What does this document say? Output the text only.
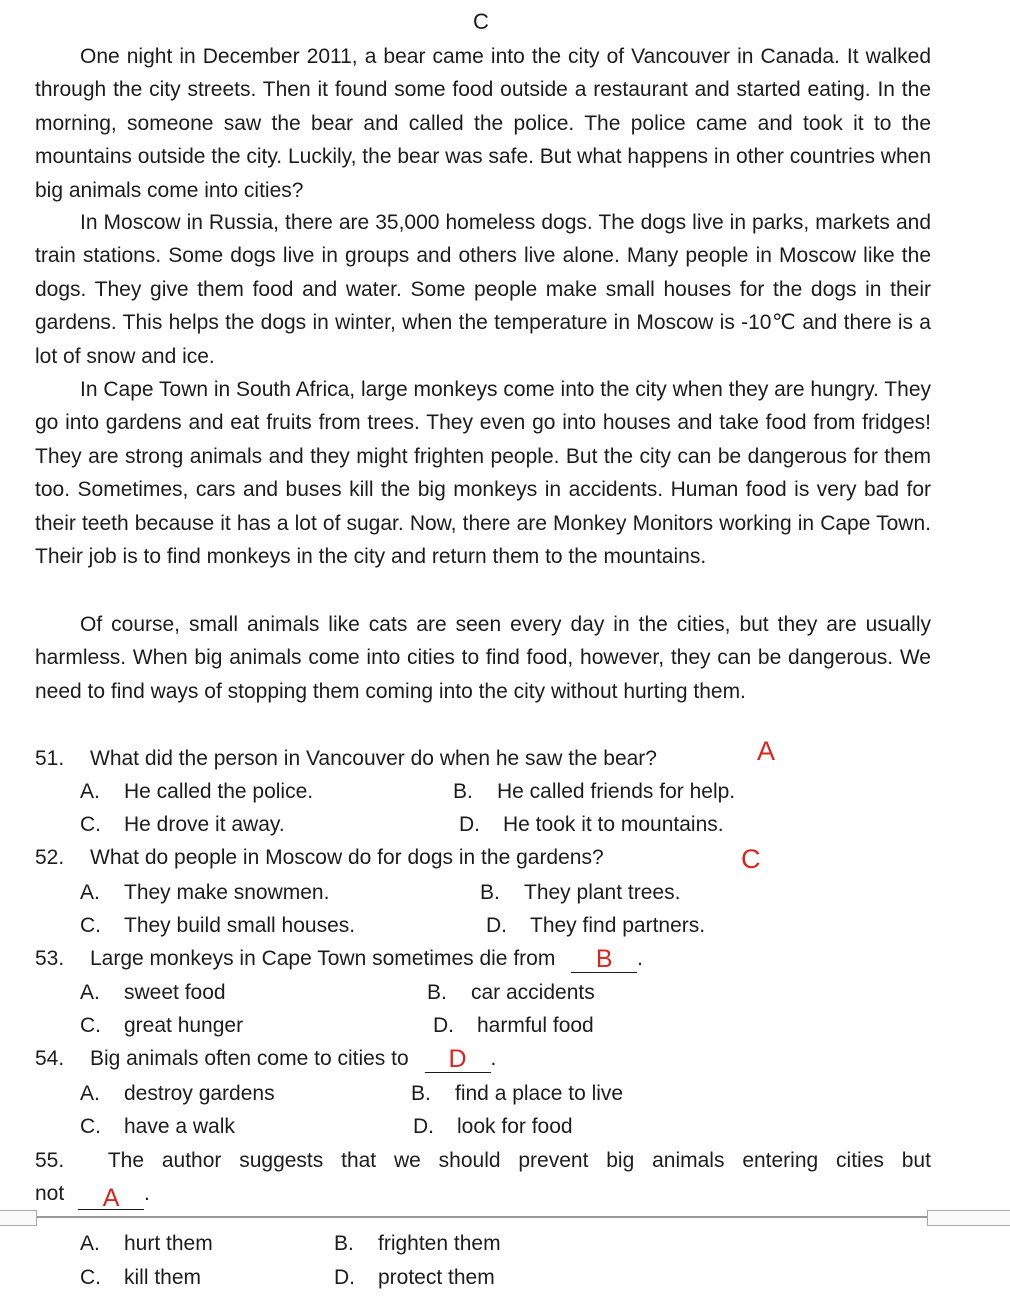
C

One night in December 2011, a bear came into the city of Vancouver in Canada. It walked through the city streets. Then it found some food outside a restaurant and started eating. In the morning, someone saw the bear and called the police. The police came and took it to the mountains outside the city. Luckily, the bear was safe. But what happens in other countries when big animals come into cities?

In Moscow in Russia, there are 35,000 homeless dogs. The dogs live in parks, markets and train stations. Some dogs live in groups and others live alone. Many people in Moscow like the dogs. They give them food and water. Some people make small houses for the dogs in their gardens. This helps the dogs in winter, when the temperature in Moscow is -10℃ and there is a lot of snow and ice.

In Cape Town in South Africa, large monkeys come into the city when they are hungry. They go into gardens and eat fruits from trees. They even go into houses and take food from fridges! They are strong animals and they might frighten people. But the city can be dangerous for them too. Sometimes, cars and buses kill the big monkeys in accidents. Human food is very bad for their teeth because it has a lot of sugar. Now, there are Monkey Monitors working in Cape Town. Their job is to find monkeys in the city and return them to the mountains.

Of course, small animals like cats are seen every day in the cities, but they are usually harmless. When big animals come into cities to find food, however, they can be dangerous. We need to find ways of stopping them coming into the city without hurting them.

51. What did the person in Vancouver do when he saw the bear?	A
A. He called the police.	B. He called friends for help.
C. He drove it away.	D. He took it to mountains.
52. What do people in Moscow do for dogs in the gardens?	C
A. They make snowmen.	B. They plant trees.
C. They build small houses.	D. They find partners.
53. Large monkeys in Cape Town sometimes die from B .
A. sweet food	B. car accidents
C. great hunger	D. harmful food
54. Big animals often come to cities to D .
A. destroy gardens	B. find a place to live
C. have a walk	D. look for food
55.	The author suggests that we should prevent big animals entering cities but
not A .
A. hurt them	B. frighten them
C. kill them	D. protect them
